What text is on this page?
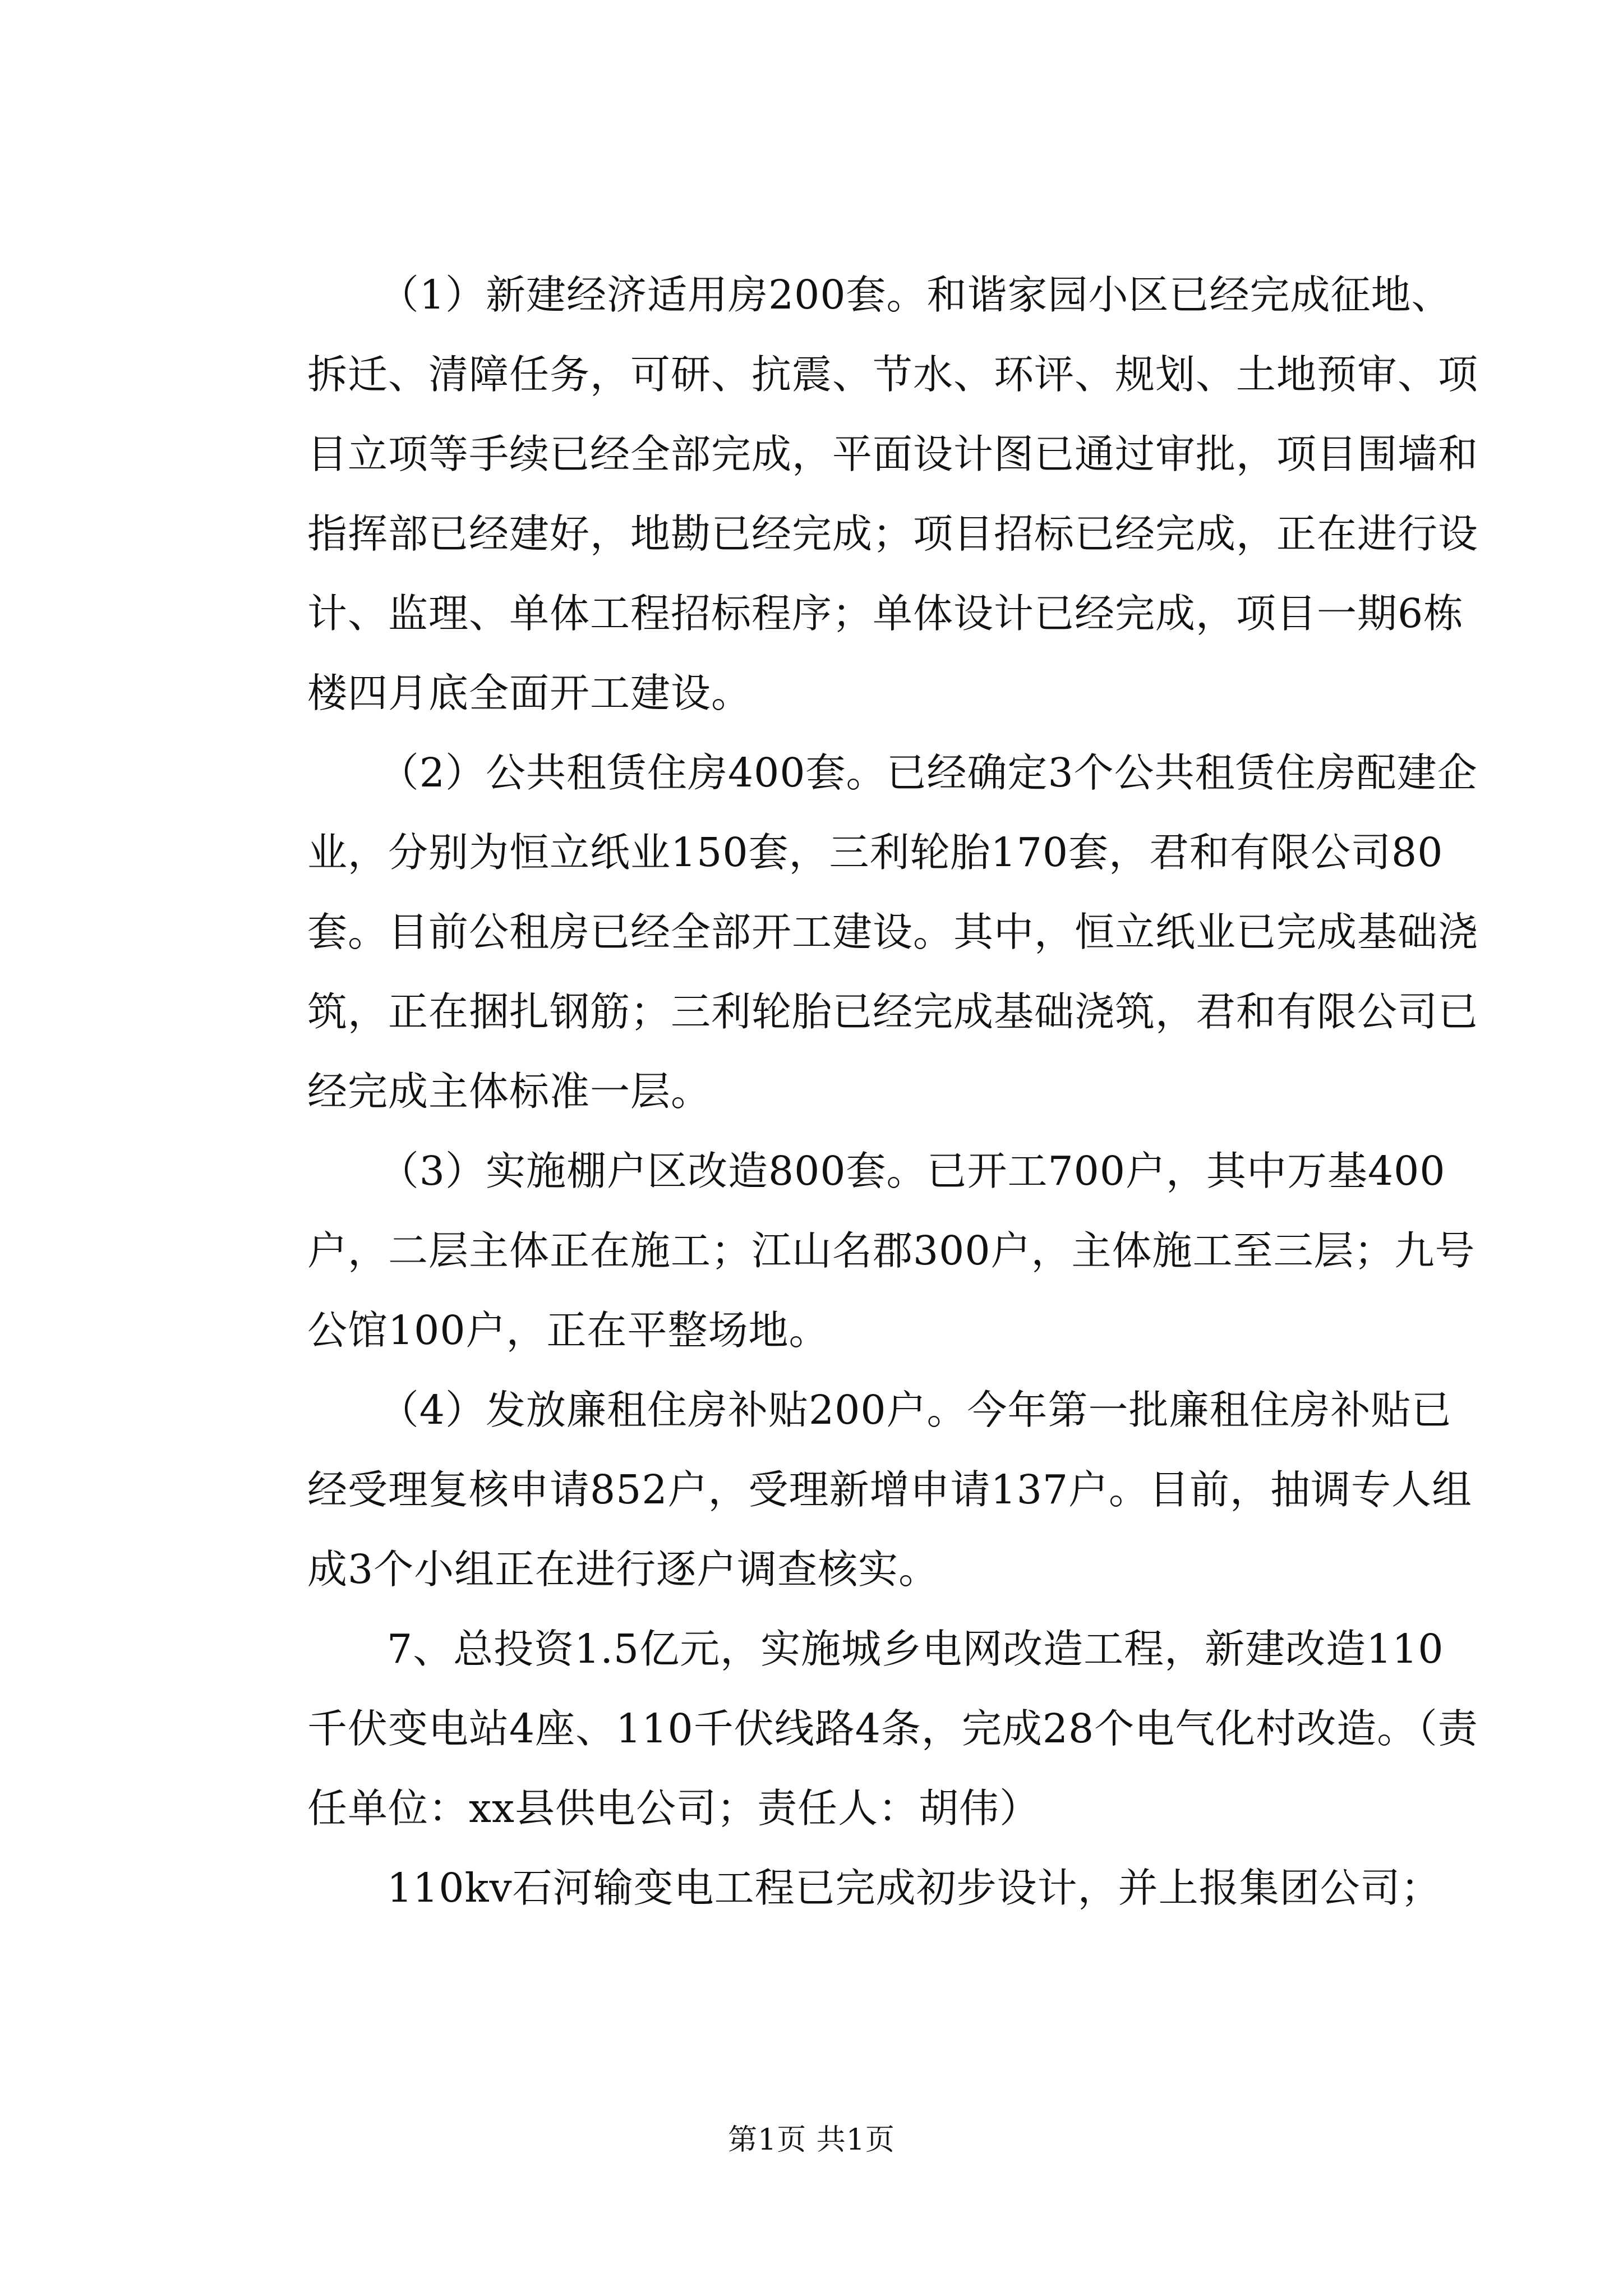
（1）新建经济适用房200套。和谐家园小区已经完成征地、拆迁、清障任务，可研、抗震、节水、环评、规划、土地预审、项目立项等手续已经全部完成，平面设计图已通过审批，项目围墙和指挥部已经建好，地勘已经完成；项目招标已经完成，正在进行设计、监理、单体工程招标程序；单体设计已经完成，项目一期6栋楼四月底全面开工建设。

（2）公共租赁住房400套。已经确定3个公共租赁住房配建企业，分别为恒立纸业150套，三利轮胎170套，君和有限公司80套。目前公租房已经全部开工建设。其中，恒立纸业已完成基础浇筑，正在捆扎钢筋；三利轮胎已经完成基础浇筑，君和有限公司已经完成主体标准一层。

（3）实施棚户区改造800套。已开工700户，其中万基400户，二层主体正在施工；江山名郡300户，主体施工至三层；九号公馆100户，正在平整场地。

（4）发放廉租住房补贴200户。今年第一批廉租住房补贴已经受理复核申请852户，受理新增申请137户。目前，抽调专人组成3个小组正在进行逐户调查核实。

7、总投资1.5亿元，实施城乡电网改造工程，新建改造110千伏变电站4座、110千伏线路4条，完成28个电气化村改造。（责任单位：xx县供电公司；责任人：胡伟）

110kv石河输变电工程已完成初步设计，并上报集团公司；

第1页 共1页
